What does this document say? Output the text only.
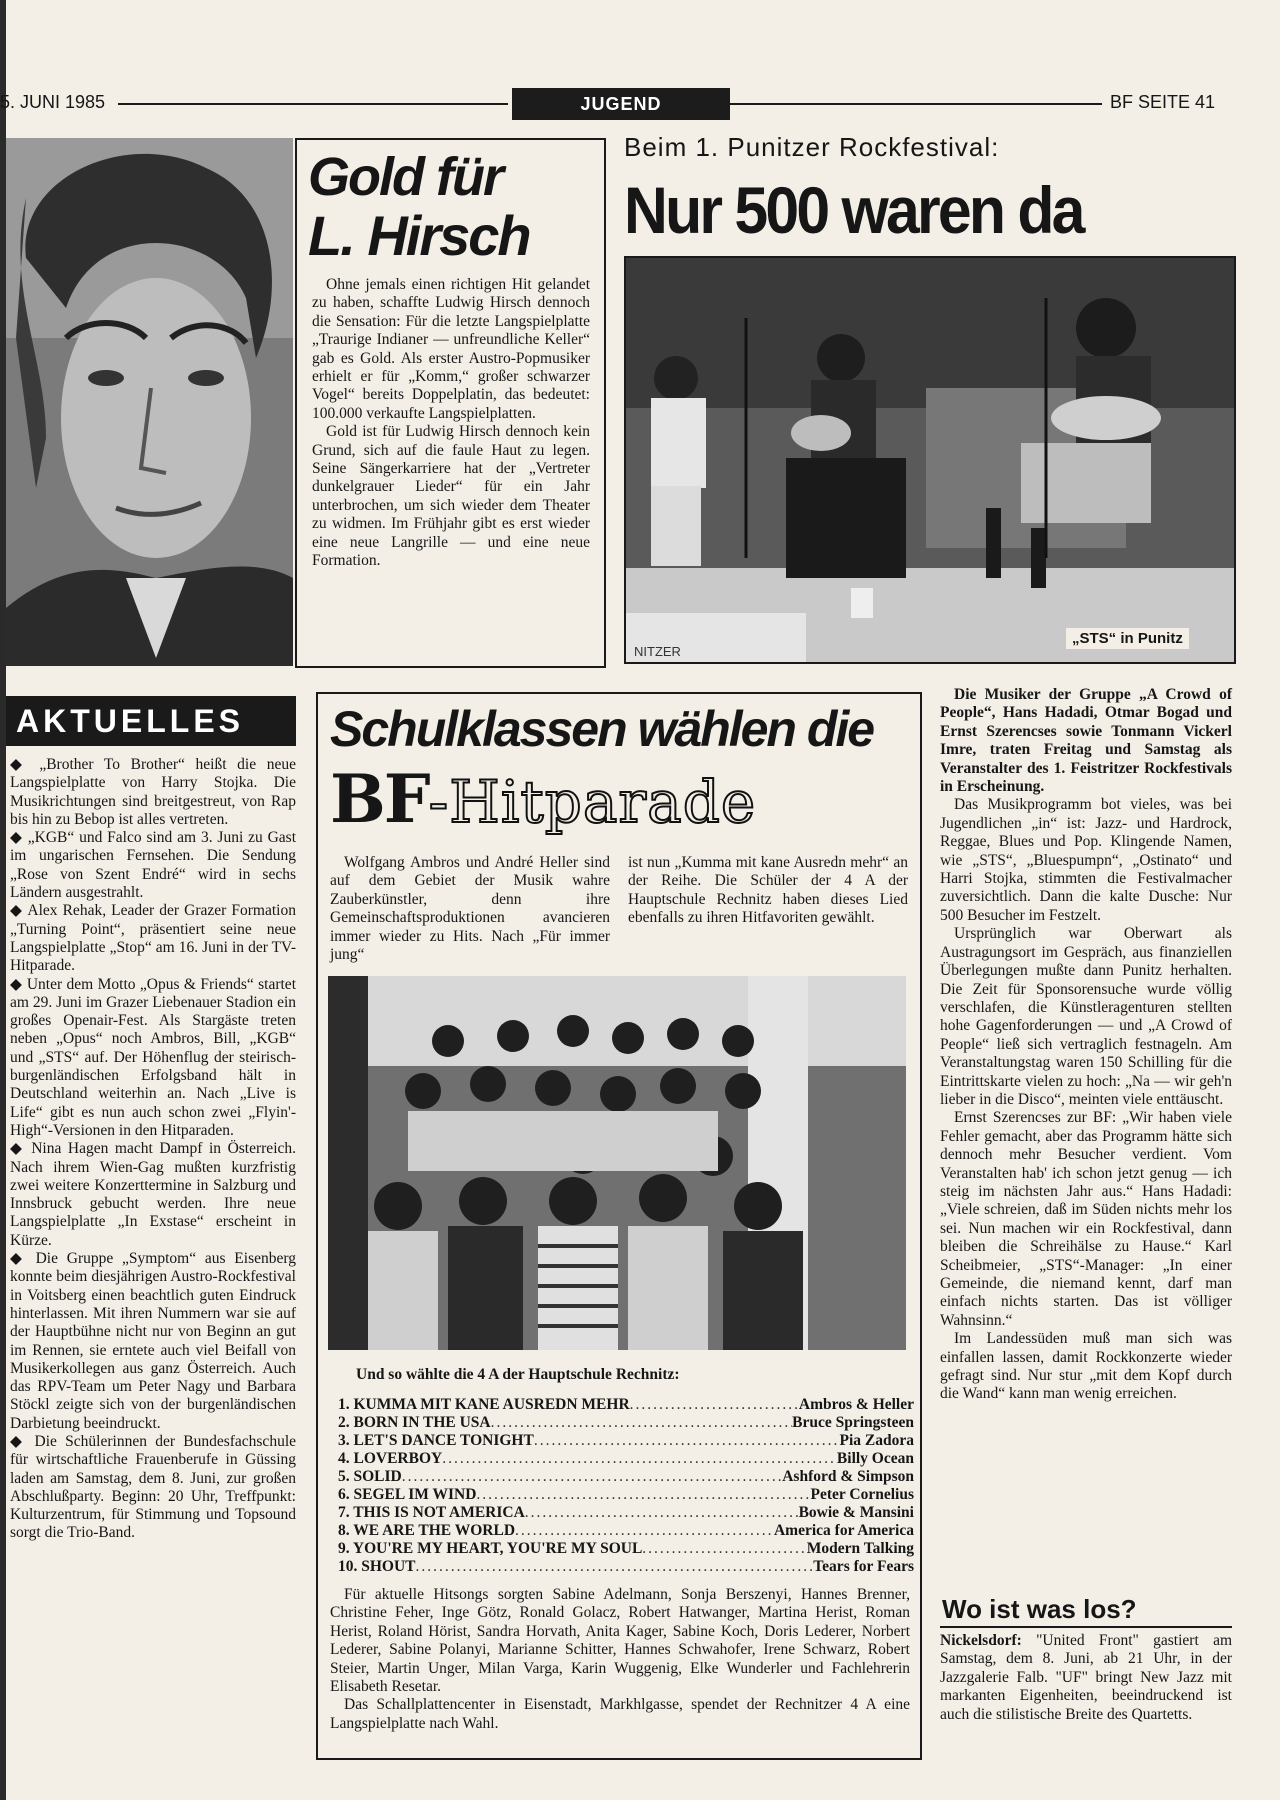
5. JUNI 1985	JUGEND	BF SEITE 41
Gold für
L. Hirsch

Ohne jemals einen richtigen Hit gelandet zu haben, schaffte Ludwig Hirsch dennoch die Sensation: Für die letzte Langspielplatte „Traurige Indianer — unfreundliche Keller“ gab es Gold. Als erster Austro-Popmusiker erhielt er für „Komm,“ großer schwarzer Vogel“ bereits Doppelplatin, das bedeutet: 100.000 verkaufte Langspielplatten.

Gold ist für Ludwig Hirsch dennoch kein Grund, sich auf die faule Haut zu legen. Seine Sängerkarriere hat der „Vertreter dunkelgrauer Lieder“ für ein Jahr unterbrochen, um sich wieder dem Theater zu widmen. Im Frühjahr gibt es erst wieder eine neue Langrille — und eine neue Formation.

Beim 1. Punitzer Rockfestival:
Nur 500 waren da
NITZER
„STS“ in Punitz
AKTUELLES

◆ „Brother To Brother“ heißt die neue Langspielplatte von Harry Stojka. Die Musikrichtungen sind breitgestreut, von Rap bis hin zu Bebop ist alles vertreten.

◆ „KGB“ und Falco sind am 3. Juni zu Gast im ungarischen Fernsehen. Die Sendung „Rose von Szent Endré“ wird in sechs Ländern ausgestrahlt.

◆ Alex Rehak, Leader der Grazer Formation „Turning Point“, präsentiert seine neue Langspielplatte „Stop“ am 16. Juni in der TV-Hitparade.

◆ Unter dem Motto „Opus & Friends“ startet am 29. Juni im Grazer Liebenauer Stadion ein großes Openair-Fest. Als Stargäste treten neben „Opus“ noch Ambros, Bill, „KGB“ und „STS“ auf. Der Höhenflug der steirisch-burgenländischen Erfolgsband hält in Deutschland weiterhin an. Nach „Live is Life“ gibt es nun auch schon zwei „Flyin'-High“-Versionen in den Hitparaden.

◆ Nina Hagen macht Dampf in Österreich. Nach ihrem Wien-Gag mußten kurzfristig zwei weitere Konzerttermine in Salzburg und Innsbruck gebucht werden. Ihre neue Langspielplatte „In Exstase“ erscheint in Kürze.

◆ Die Gruppe „Symptom“ aus Eisenberg konnte beim diesjährigen Austro-Rockfestival in Voitsberg einen beachtlich guten Eindruck hinterlassen. Mit ihren Nummern war sie auf der Hauptbühne nicht nur von Beginn an gut im Rennen, sie erntete auch viel Beifall von Musikerkollegen aus ganz Österreich. Auch das RPV-Team um Peter Nagy und Barbara Stöckl zeigte sich von der burgenländischen Darbietung beeindruckt.

◆ Die Schülerinnen der Bundesfachschule für wirtschaftliche Frauenberufe in Güssing laden am Samstag, dem 8. Juni, zur großen Abschlußparty. Beginn: 20 Uhr, Treffpunkt: Kulturzentrum, für Stimmung und Topsound sorgt die Trio-Band.

Schulklassen wählen die
BF-Hitparade

Wolfgang Ambros und André Heller sind auf dem Gebiet der Musik wahre Zauberkünstler, denn ihre Gemeinschaftsproduktionen avancieren immer wieder zu Hits. Nach „Für immer jung“

ist nun „Kumma mit kane Ausredn mehr“ an der Reihe. Die Schüler der 4 A der Hauptschule Rechnitz haben dieses Lied ebenfalls zu ihren Hitfavoriten gewählt.

Und so wählte die 4 A der Hauptschule Rechnitz:
1. KUMMA MIT KANE AUSREDN MEHR .....	Ambros & Heller
2. BORN IN THE USA .....	Bruce Springsteen
3. LET'S DANCE TONIGHT .....	Pia Zadora
4. LOVERBOY .....	Billy Ocean
5. SOLID .....	Ashford & Simpson
6. SEGEL IM WIND .....	Peter Cornelius
7. THIS IS NOT AMERICA .....	Bowie & Mansini
8. WE ARE THE WORLD .....	America for America
9. YOU'RE MY HEART, YOU'RE MY SOUL .....	Modern Talking
10. SHOUT .....	Tears for Fears

Für aktuelle Hitsongs sorgten Sabine Adelmann, Sonja Berszenyi, Hannes Brenner, Christine Feher, Inge Götz, Ronald Golacz, Robert Hatwanger, Martina Herist, Roman Herist, Roland Hörist, Sandra Horvath, Anita Kager, Sabine Koch, Doris Lederer, Norbert Lederer, Sabine Polanyi, Marianne Schitter, Hannes Schwahofer, Irene Schwarz, Robert Steier, Martin Unger, Milan Varga, Karin Wuggenig, Elke Wunderler und Fachlehrerin Elisabeth Resetar.

Das Schallplattencenter in Eisenstadt, Markhlgasse, spendet der Rechnitzer 4 A eine Langspielplatte nach Wahl.

Die Musiker der Gruppe „A Crowd of People“, Hans Hadadi, Otmar Bogad und Ernst Szerencses sowie Tonmann Vickerl Imre, traten Freitag und Samstag als Veranstalter des 1. Feistritzer Rockfestivals in Erscheinung.

Das Musikprogramm bot vieles, was bei Jugendlichen „in“ ist: Jazz- und Hardrock, Reggae, Blues und Pop. Klingende Namen, wie „STS“, „Bluespumpn“, „Ostinato“ und Harri Stojka, stimmten die Festivalmacher zuversichtlich. Dann die kalte Dusche: Nur 500 Besucher im Festzelt.

Ursprünglich war Oberwart als Austragungsort im Gespräch, aus finanziellen Überlegungen mußte dann Punitz herhalten. Die Zeit für Sponsorensuche wurde völlig verschlafen, die Künstleragenturen stellten hohe Gagenforderungen — und „A Crowd of People“ ließ sich vertraglich festnageln. Am Veranstaltungstag waren 150 Schilling für die Eintrittskarte vielen zu hoch: „Na — wir geh'n lieber in die Disco“, meinten viele enttäuscht.

Ernst Szerencses zur BF: „Wir haben viele Fehler gemacht, aber das Programm hätte sich dennoch mehr Besucher verdient. Vom Veranstalten hab' ich schon jetzt genug — ich steig im nächsten Jahr aus.“ Hans Hadadi: „Viele schreien, daß im Süden nichts mehr los sei. Nun machen wir ein Rockfestival, dann bleiben die Schreihälse zu Hause.“ Karl Scheibmeier, „STS“-Manager: „In einer Gemeinde, die niemand kennt, darf man einfach nichts starten. Das ist völliger Wahnsinn.“

Im Landessüden muß man sich was einfallen lassen, damit Rockkonzerte wieder gefragt sind. Nur stur „mit dem Kopf durch die Wand“ kann man wenig erreichen.

Wo ist was los?

Nickelsdorf: "United Front" gastiert am Samstag, dem 8. Juni, ab 21 Uhr, in der Jazzgalerie Falb. "UF" bringt New Jazz mit markanten Eigenheiten, beeindruckend ist auch die stilistische Breite des Quartetts.
